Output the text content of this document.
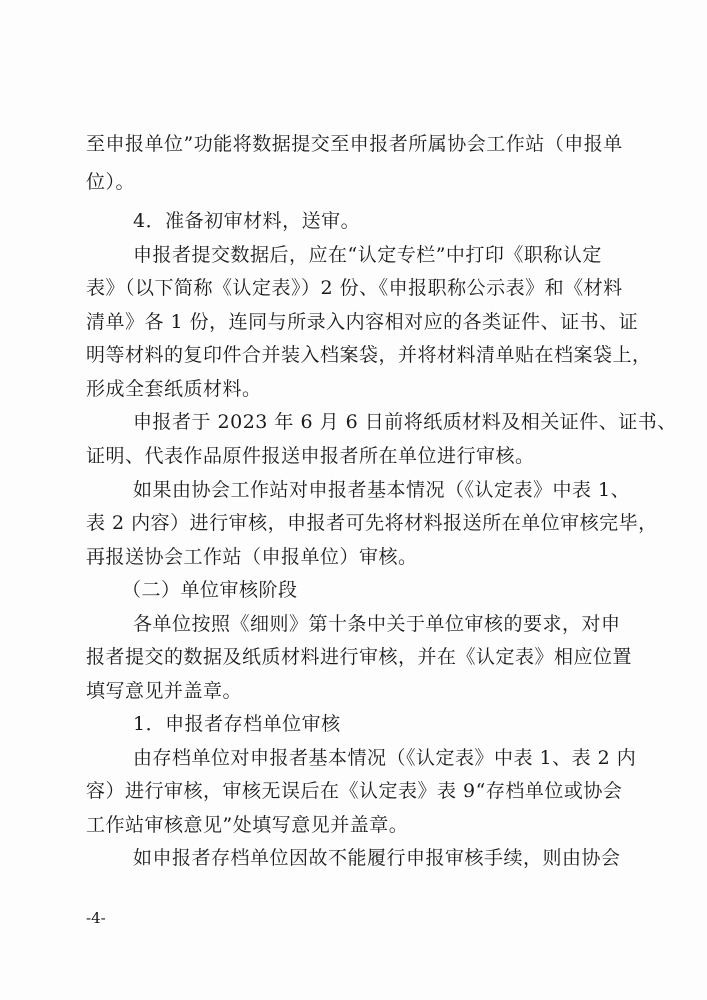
至申报单位”功能将数据提交至申报者所属协会工作站（申报单
位）。
4．准备初审材料，送审。
申报者提交数据后，应在“认定专栏”中打印《职称认定
表》（以下简称《认定表》）2 份、《申报职称公示表》和《材料
清单》各 1 份，连同与所录入内容相对应的各类证件、证书、证
明等材料的复印件合并装入档案袋，并将材料清单贴在档案袋上，
形成全套纸质材料。
申报者于 2023 年 6 月 6 日前将纸质材料及相关证件、证书、
证明、代表作品原件报送申报者所在单位进行审核。
如果由协会工作站对申报者基本情况（《认定表》中表 1、
表 2 内容）进行审核，申报者可先将材料报送所在单位审核完毕，
再报送协会工作站（申报单位）审核。
（二）单位审核阶段
各单位按照《细则》第十条中关于单位审核的要求，对申
报者提交的数据及纸质材料进行审核，并在《认定表》相应位置
填写意见并盖章。
1．申报者存档单位审核
由存档单位对申报者基本情况（《认定表》中表 1、表 2 内
容）进行审核，审核无误后在《认定表》表 9“存档单位或协会
工作站审核意见”处填写意见并盖章。
如申报者存档单位因故不能履行申报审核手续，则由协会
-4-
